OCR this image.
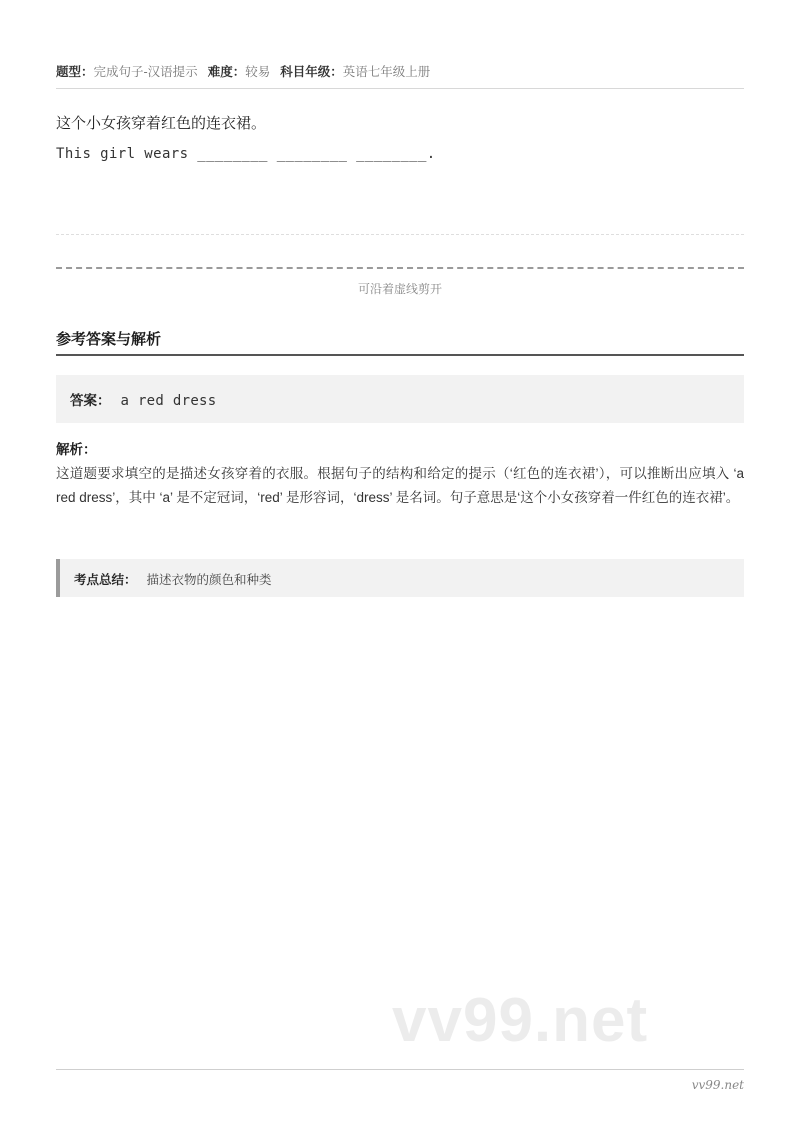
题型：完成句子-汉语提示 难度：较易 科目年级：英语七年级上册
这个小女孩穿着红色的连衣裙。
This girl wears ________ ________ ________.
可沿着虚线剪开
参考答案与解析
答案： a red dress
解析：
这道题要求填空的是描述女孩穿着的衣服。根据句子的结构和给定的提示（‘红色的连衣裙’），可以推断出应填入 ‘a red dress’，其中 ‘a’ 是不定冠词，‘red’ 是形容词，‘dress’ 是名词。句子意思是‘这个小女孩穿着一件红色的连衣裙’。
考点总结： 描述衣物的颜色和种类
vv99.net
vv99.net
